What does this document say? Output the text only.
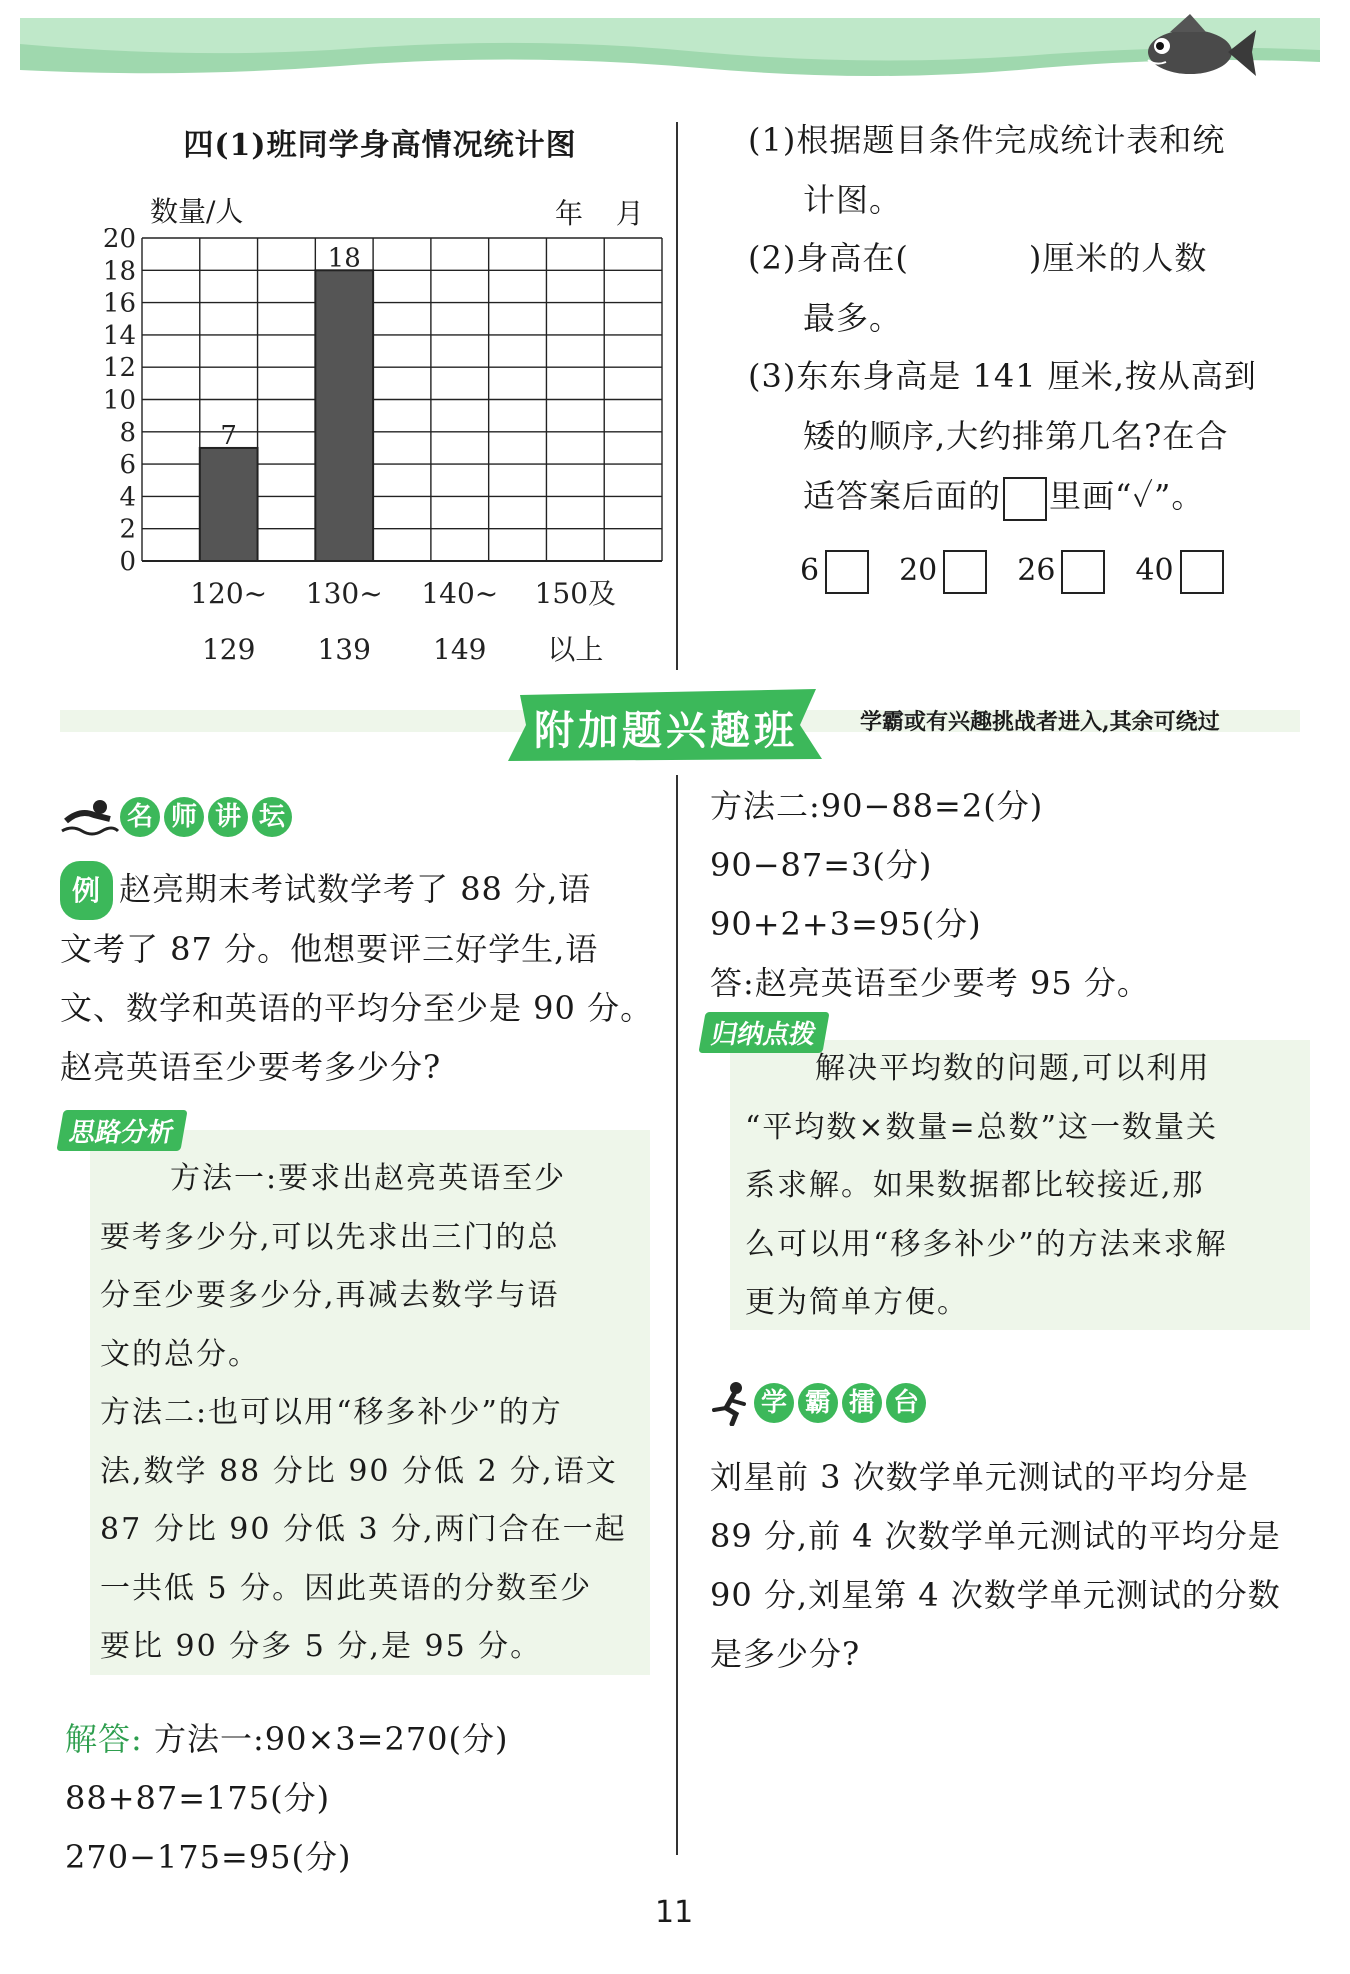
四(1)班同学身高情况统计图
数量/人	年   月
0
2
4
6
8
10
12
14
16
18
20
7
120~
129
18
130~
139
140~
149
150及
以上
(1)根据题目条件完成统计表和统
计图。
(2)身高在(	)厘米的人数
最多。
(3)东东身高是 141 厘米,按从高到
矮的顺序,大约排第几名?在合
适答案后面的 里画“✓”。
6	20	26	40
附加题兴趣班	学霸或有兴趣挑战者进入,其余可绕过
名 师 讲 坛
例 赵亮期末考试数学考了 88 分,语
文考了 87 分。他想要评三好学生,语
文、数学和英语的平均分至少是 90 分。
赵亮英语至少要考多少分?
思路分析
方法一:要求出赵亮英语至少
要考多少分,可以先求出三门的总
分至少要多少分,再减去数学与语
文的总分。
方法二:也可以用“移多补少”的方
法,数学 88 分比 90 分低 2 分,语文
87 分比 90 分低 3 分,两门合在一起
一共低 5 分。因此英语的分数至少
要比 90 分多 5 分,是 95 分。
解答: 方法一:90×3=270(分)
88+87=175(分)
270−175=95(分)
方法二:90−88=2(分)
90−87=3(分)
90+2+3=95(分)
答:赵亮英语至少要考 95 分。
归纳点拨
解决平均数的问题,可以利用
“平均数×数量=总数”这一数量关
系求解。如果数据都比较接近,那
么可以用“移多补少”的方法来求解
更为简单方便。
学 霸 擂 台
刘星前 3 次数学单元测试的平均分是
89 分,前 4 次数学单元测试的平均分是
90 分,刘星第 4 次数学单元测试的分数
是多少分?
11
